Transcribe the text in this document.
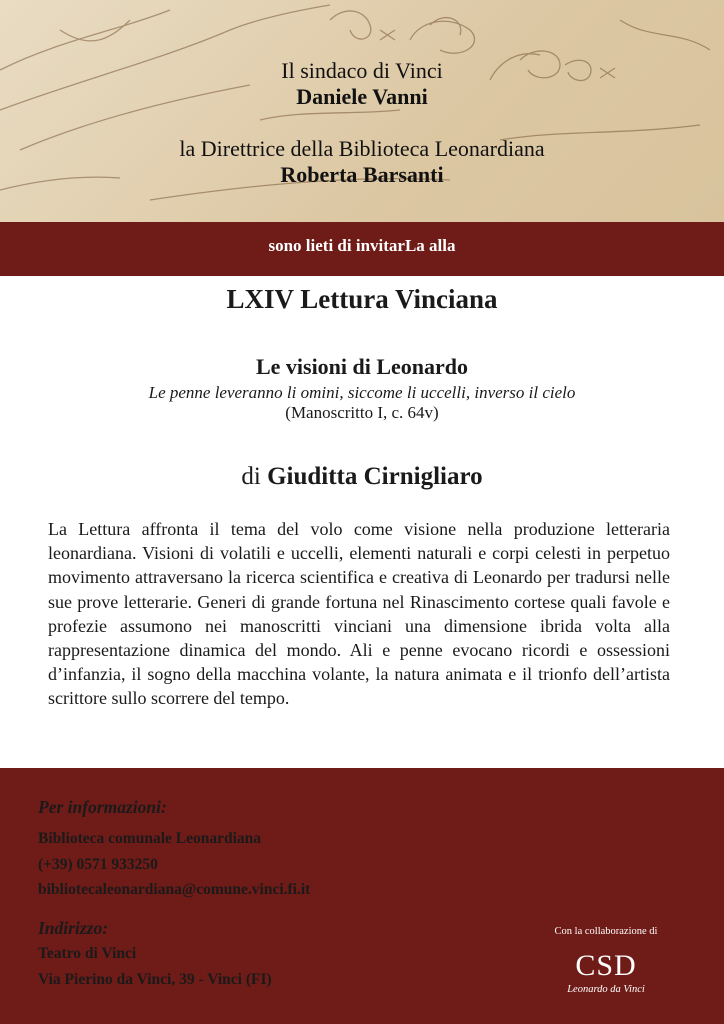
Il sindaco di Vinci
Daniele Vanni
la Direttrice della Biblioteca Leonardiana
Roberta Barsanti
sono lieti di invitarLa alla
LXIV Lettura Vinciana
Le visioni di Leonardo
Le penne leveranno li omini, siccome li uccelli, inverso il cielo
(Manoscritto I, c. 64v)
di Giuditta Cirnigliaro
La Lettura affronta il tema del volo come visione nella produzione letteraria leonardiana. Visioni di volatili e uccelli, elementi naturali e corpi celesti in perpetuo movimento attraversano la ricerca scientifica e creativa di Leonardo per tradursi nelle sue prove letterarie. Generi di grande fortuna nel Rinascimento cortese quali favole e profezie assumono nei manoscritti vinciani una dimensione ibrida volta alla rappresentazione dinamica del mondo. Ali e penne evocano ricordi e ossessioni d’infanzia, il sogno della macchina volante, la natura animata e il trionfo dell’artista scrittore sullo scorrere del tempo.
Per informazioni:
Biblioteca comunale Leonardiana
(+39) 0571 933250
bibliotecaleonardiana@comune.vinci.fi.it
Indirizzo:
Teatro di Vinci
Via Pierino da Vinci, 39 - Vinci (FI)
Con la collaborazione di
CSD
Leonardo da Vinci
